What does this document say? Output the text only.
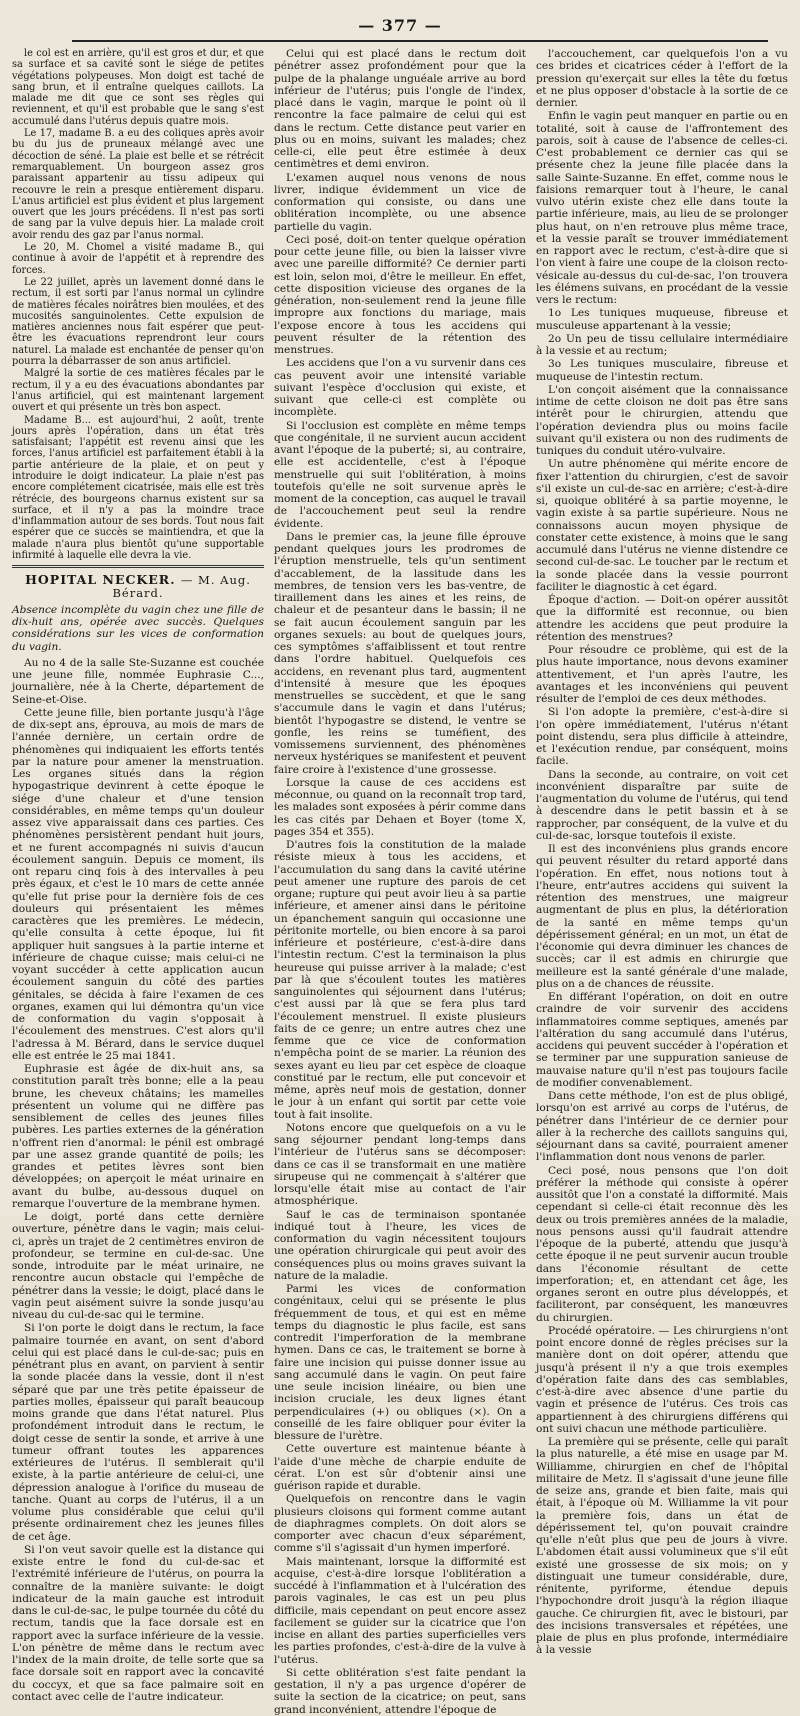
— 377 —

le col est en arrière, qu'il est gros et dur, et que sa surface et sa cavité sont le siége de petites végétations polypeuses. Mon doigt est taché de sang brun, et il entraîne quelques caillots. La malade me dit que ce sont ses règles qui reviennent, et qu'il est probable que le sang s'est accumulé dans l'utérus depuis quatre mois.

Le 17, madame B. a eu des coliques après avoir bu du jus de pruneaux mélangé avec une décoction de séné. La plaie est belle et se rétrécit remarquablement. Un bourgeon assez gros paraissant appartenir au tissu adipeux qui recouvre le rein a presque entièrement disparu. L'anus artificiel est plus évident et plus largement ouvert que les jours précédens. Il n'est pas sorti de sang par la vulve depuis hier. La malade croit avoir rendu des gaz par l'anus normal.

Le 20, M. Chomel a visité madame B., qui continue à avoir de l'appétit et à reprendre des forces.

Le 22 juillet, après un lavement donné dans le rectum, il est sorti par l'anus normal un cylindre de matières fécales noirâtres bien moulées, et des mucosités sanguinolentes. Cette expulsion de matières anciennes nous fait espérer que peut-être les évacuations reprendront leur cours naturel. La malade est enchantée de penser qu'on pourra la débarrasser de son anus artificiel.

Malgré la sortie de ces matières fécales par le rectum, il y a eu des évacuations abondantes par l'anus artificiel, qui est maintenant largement ouvert et qui présente un très bon aspect.

Madame B... est aujourd'hui, 2 août, trente jours après l'opération, dans un état très satisfaisant; l'appétit est revenu ainsi que les forces, l'anus artificiel est parfaitement établi à la partie antérieure de la plaie, et on peut y introduire le doigt indicateur. La plaie n'est pas encore complétement cicatrisée, mais elle est très rétrécie, des bourgeons charnus existent sur sa surface, et il n'y a pas la moindre trace d'inflammation autour de ses bords. Tout nous fait espérer que ce succès se maintiendra, et que la malade n'aura plus bientôt qu'une supportable infirmité à laquelle elle devra la vie.

HOPITAL NECKER. — M. Aug. Bérard.

Absence incomplète du vagin chez une fille de dix-huit ans, opérée avec succès. Quelques considérations sur les vices de conformation du vagin.

Au no 4 de la salle Ste-Suzanne est couchée une jeune fille, nommée Euphrasie C..., journalière, née à la Cherte, département de Seine-et-Oise.

Cette jeune fille, bien portante jusqu'à l'âge de dix-sept ans, éprouva, au mois de mars de l'année dernière, un certain ordre de phénomènes qui indiquaient les efforts tentés par la nature pour amener la menstruation. Les organes situés dans la région hypogastrique devinrent à cette époque le siége d'une chaleur et d'une tension considérables, en même temps qu'un douleur assez vive apparaissait dans ces parties. Ces phénomènes persistèrent pendant huit jours, et ne furent accompagnés ni suivis d'aucun écoulement sanguin. Depuis ce moment, ils ont reparu cinq fois à des intervalles à peu près égaux, et c'est le 10 mars de cette année qu'elle fut prise pour la dernière fois de ces douleurs qui présentaient les mêmes caractères que les premières. Le médecin, qu'elle consulta à cette époque, lui fit appliquer huit sangsues à la partie interne et inférieure de chaque cuisse; mais celui-ci ne voyant succéder à cette application aucun écoulement sanguin du côté des parties génitales, se décida à faire l'examen de ces organes, examen qui lui démontra qu'un vice de conformation du vagin s'opposait à l'écoulement des menstrues. C'est alors qu'il l'adressa à M. Bérard, dans le service duquel elle est entrée le 25 mai 1841.

Euphrasie est âgée de dix-huit ans, sa constitution paraît très bonne; elle a la peau brune, les cheveux châtains; les mamelles présentent un volume qui ne diffère pas sensiblement de celles des jeunes filles pubères. Les parties externes de la génération n'offrent rien d'anormal: le pénil est ombragé par une assez grande quantité de poils; les grandes et petites lèvres sont bien développées; on aperçoit le méat urinaire en avant du bulbe, au-dessous duquel on remarque l'ouverture de la membrane hymen.

Le doigt, porté dans cette dernière ouverture, pénètre dans le vagin; mais celui-ci, après un trajet de 2 centimètres environ de profondeur, se termine en cul-de-sac. Une sonde, introduite par le méat urinaire, ne rencontre aucun obstacle qui l'empêche de pénétrer dans la vessie; le doigt, placé dans le vagin peut aisément suivre la sonde jusqu'au niveau du cul-de-sac qui le termine.

Si l'on porte le doigt dans le rectum, la face palmaire tournée en avant, on sent d'abord celui qui est placé dans le cul-de-sac; puis en pénétrant plus en avant, on parvient à sentir la sonde placée dans la vessie, dont il n'est séparé que par une très petite épaisseur de parties molles, épaisseur qui paraît beaucoup moins grande que dans l'état naturel. Plus profondément introduit dans le rectum, le doigt cesse de sentir la sonde, et arrive à une tumeur offrant toutes les apparences extérieures de l'utérus. Il semblerait qu'il existe, à la partie antérieure de celui-ci, une dépression analogue à l'orifice du museau de tanche. Quant au corps de l'utérus, il a un volume plus considérable que celui qu'il présente ordinairement chez les jeunes filles de cet âge.

Si l'on veut savoir quelle est la distance qui existe entre le fond du cul-de-sac et l'extrémité inférieure de l'utérus, on pourra la connaître de la manière suivante: le doigt indicateur de la main gauche est introduit dans le cul-de-sac, le pulpe tournée du côté du rectum, tandis que la face dorsale est en rapport avec la surface inférieure de la vessie. L'on pénètre de même dans le rectum avec l'index de la main droite, de telle sorte que sa face dorsale soit en rapport avec la concavité du coccyx, et que sa face palmaire soit en contact avec celle de l'autre indicateur.

Celui qui est placé dans le rectum doit pénétrer assez profondément pour que la pulpe de la phalange unguéale arrive au bord inférieur de l'utérus; puis l'ongle de l'index, placé dans le vagin, marque le point où il rencontre la face palmaire de celui qui est dans le rectum. Cette distance peut varier en plus ou en moins, suivant les malades; chez celle-ci, elle peut être estimée à deux centimètres et demi environ.

L'examen auquel nous venons de nous livrer, indique évidemment un vice de conformation qui consiste, ou dans une oblitération incomplète, ou une absence partielle du vagin.

Ceci posé, doit-on tenter quelque opération pour cette jeune fille, ou bien la laisser vivre avec une pareille difformité? Ce dernier parti est loin, selon moi, d'être le meilleur. En effet, cette disposition vicieuse des organes de la génération, non-seulement rend la jeune fille impropre aux fonctions du mariage, mais l'expose encore à tous les accidens qui peuvent résulter de la rétention des menstrues.

Les accidens que l'on a vu survenir dans ces cas peuvent avoir une intensité variable suivant l'espèce d'occlusion qui existe, et suivant que celle-ci est complète ou incomplète.

Si l'occlusion est complète en même temps que congénitale, il ne survient aucun accident avant l'époque de la puberté; si, au contraire, elle est accidentelle, c'est à l'époque menstruelle qui suit l'oblitération, à moins toutefois qu'elle ne soit survenue après le moment de la conception, cas auquel le travail de l'accouchement peut seul la rendre évidente.

Dans le premier cas, la jeune fille éprouve pendant quelques jours les prodromes de l'éruption menstruelle, tels qu'un sentiment d'accablement, de la lassitude dans les membres, de tension vers les bas-ventre, de tiraillement dans les aines et les reins, de chaleur et de pesanteur dans le bassin; il ne se fait aucun écoulement sanguin par les organes sexuels: au bout de quelques jours, ces symptômes s'affaiblissent et tout rentre dans l'ordre habituel. Quelquefois ces accidens, en revenant plus tard, augmentent d'intensité à mesure que les époques menstruelles se succèdent, et que le sang s'accumule dans le vagin et dans l'utérus; bientôt l'hypogastre se distend, le ventre se gonfle, les reins se tuméfient, des vomissemens surviennent, des phénomènes nerveux hystériques se manifestent et peuvent faire croire à l'existence d'une grossesse.

Lorsque la cause de ces accidens est méconnue, ou quand on la reconnaît trop tard, les malades sont exposées à périr comme dans les cas cités par Dehaen et Boyer (tome X, pages 354 et 355).

D'autres fois la constitution de la malade résiste mieux à tous les accidens, et l'accumulation du sang dans la cavité utérine peut amener une rupture des parois de cet organe; rupture qui peut avoir lieu à sa partie inférieure, et amener ainsi dans le péritoine un épanchement sanguin qui occasionne une péritonite mortelle, ou bien encore à sa paroi inférieure et postérieure, c'est-à-dire dans l'intestin rectum. C'est la terminaison la plus heureuse qui puisse arriver à la malade; c'est par là que s'écoulent toutes les matières sanguinolentes qui séjournent dans l'utérus; c'est aussi par là que se fera plus tard l'écoulement menstruel. Il existe plusieurs faits de ce genre; un entre autres chez une femme que ce vice de conformation n'empêcha point de se marier. La réunion des sexes ayant eu lieu par cet espèce de cloaque constitué par le rectum, elle put concevoir et même, après neuf mois de gestation, donner le jour à un enfant qui sortit par cette voie tout à fait insolite.

Notons encore que quelquefois on a vu le sang séjourner pendant long-temps dans l'intérieur de l'utérus sans se décomposer: dans ce cas il se transformait en une matière sirupeuse qui ne commençait à s'altérer que lorsqu'elle était mise au contact de l'air atmosphérique.

Sauf le cas de terminaison spontanée indiqué tout à l'heure, les vices de conformation du vagin nécessitent toujours une opération chirurgicale qui peut avoir des conséquences plus ou moins graves suivant la nature de la maladie.

Parmi les vices de conformation congénitaux, celui qui se présente le plus fréquemment de tous, et qui est en même temps du diagnostic le plus facile, est sans contredit l'imperforation de la membrane hymen. Dans ce cas, le traitement se borne à faire une incision qui puisse donner issue au sang accumulé dans le vagin. On peut faire une seule incision linéaire, ou bien une incision cruciale, les deux lignes étant perpendiculaires (+) ou obliques (×). On a conseillé de les faire obliquer pour éviter la blessure de l'urètre.

Cette ouverture est maintenue béante à l'aide d'une mèche de charpie enduite de cérat. L'on est sûr d'obtenir ainsi une guérison rapide et durable.

Quelquefois on rencontre dans le vagin plusieurs cloisons qui forment comme autant de diaphragmes complets. On doit alors se comporter avec chacun d'eux séparément, comme s'il s'agissait d'un hymen imperforé.

Mais maintenant, lorsque la difformité est acquise, c'est-à-dire lorsque l'oblitération a succédé à l'inflammation et à l'ulcération des parois vaginales, le cas est un peu plus difficile, mais cependant on peut encore assez facilement se guider sur la cicatrice que l'on incise en allant des parties superficielles vers les parties profondes, c'est-à-dire de la vulve à l'utérus.

Si cette oblitération s'est faite pendant la gestation, il n'y a pas urgence d'opérer de suite la section de la cicatrice; on peut, sans grand inconvénient, attendre l'époque de

l'accouchement, car quelquefois l'on a vu ces brides et cicatrices céder à l'effort de la pression qu'exerçait sur elles la tête du fœtus et ne plus opposer d'obstacle à la sortie de ce dernier.

Enfin le vagin peut manquer en partie ou en totalité, soit à cause de l'affrontement des parois, soit à cause de l'absence de celles-ci. C'est probablement ce dernier cas qui se présente chez la jeune fille placée dans la salle Sainte-Suzanne. En effet, comme nous le faisions remarquer tout à l'heure, le canal vulvo utérin existe chez elle dans toute la partie inférieure, mais, au lieu de se prolonger plus haut, on n'en retrouve plus même trace, et la vessie paraît se trouver immédiatement en rapport avec le rectum, c'est-à-dire que si l'on vient à faire une coupe de la cloison recto-vésicale au-dessus du cul-de-sac, l'on trouvera les élémens suivans, en procédant de la vessie vers le rectum:

1o Les tuniques muqueuse, fibreuse et musculeuse appartenant à la vessie;

2o Un peu de tissu cellulaire intermédiaire à la vessie et au rectum;

3o Les tuniques musculaire, fibreuse et muqueuse de l'intestin rectum.

L'on conçoit aisément que la connaissance intime de cette cloison ne doit pas être sans intérêt pour le chirurgien, attendu que l'opération deviendra plus ou moins facile suivant qu'il existera ou non des rudiments de tuniques du conduit utéro-vulvaire.

Un autre phénomène qui mérite encore de fixer l'attention du chirurgien, c'est de savoir s'il existe un cul-de-sac en arrière; c'est-à-dire si, quoique oblitéré à sa partie moyenne, le vagin existe à sa partie supérieure. Nous ne connaissons aucun moyen physique de constater cette existence, à moins que le sang accumulé dans l'utérus ne vienne distendre ce second cul-de-sac. Le toucher par le rectum et la sonde placée dans la vessie pourront faciliter le diagnostic à cet égard.

Époque d'action. — Doit-on opérer aussitôt que la difformité est reconnue, ou bien attendre les accidens que peut produire la rétention des menstrues?

Pour résoudre ce problème, qui est de la plus haute importance, nous devons examiner attentivement, et l'un après l'autre, les avantages et les inconvéniens qui peuvent résulter de l'emploi de ces deux méthodes.

Si l'on adopte la première, c'est-à-dire si l'on opère immédiatement, l'utérus n'étant point distendu, sera plus difficile à atteindre, et l'exécution rendue, par conséquent, moins facile.

Dans la seconde, au contraire, on voit cet inconvénient disparaître par suite de l'augmentation du volume de l'utérus, qui tend à descendre dans le petit bassin et à se rapprocher, par conséquent, de la vulve et du cul-de-sac, lorsque toutefois il existe.

Il est des inconvéniens plus grands encore qui peuvent résulter du retard apporté dans l'opération. En effet, nous notions tout à l'heure, entr'autres accidens qui suivent la rétention des menstrues, une maigreur augmentant de plus en plus, la détérioration de la santé en même temps qu'un dépérissement général; en un mot, un état de l'économie qui devra diminuer les chances de succès; car il est admis en chirurgie que meilleure est la santé générale d'une malade, plus on a de chances de réussite.

En différant l'opération, on doit en outre craindre de voir survenir des accidens inflammatoires comme septiques, amenés par l'altération du sang accumulé dans l'utérus, accidens qui peuvent succéder à l'opération et se terminer par une suppuration sanieuse de mauvaise nature qu'il n'est pas toujours facile de modifier convenablement.

Dans cette méthode, l'on est de plus obligé, lorsqu'on est arrivé au corps de l'utérus, de pénétrer dans l'intérieur de ce dernier pour aller à la recherche des caillots sanguins qui, séjournant dans sa cavité, pourraient amener l'inflammation dont nous venons de parler.

Ceci posé, nous pensons que l'on doit préférer la méthode qui consiste à opérer aussitôt que l'on a constaté la difformité. Mais cependant si celle-ci était reconnue dès les deux ou trois premières années de la maladie, nous pensons aussi qu'il faudrait attendre l'époque de la puberté, attendu que jusqu'à cette époque il ne peut survenir aucun trouble dans l'économie résultant de cette imperforation; et, en attendant cet âge, les organes seront en outre plus développés, et faciliteront, par conséquent, les manœuvres du chirurgien.

Procédé opératoire. — Les chirurgiens n'ont point encore donné de règles précises sur la manière dont on doit opérer, attendu que jusqu'à présent il n'y a que trois exemples d'opération faite dans des cas semblables, c'est-à-dire avec absence d'une partie du vagin et présence de l'utérus. Ces trois cas appartiennent à des chirurgiens différens qui ont suivi chacun une méthode particulière.

La première qui se présente, celle qui paraît la plus naturelle, a été mise en usage par M. Williamme, chirurgien en chef de l'hôpital militaire de Metz. Il s'agissait d'une jeune fille de seize ans, grande et bien faite, mais qui était, à l'époque où M. Williamme la vit pour la première fois, dans un état de dépérissement tel, qu'on pouvait craindre qu'elle n'eût plus que peu de jours à vivre. L'abdomen était aussi volumineux que s'il eût existé une grossesse de six mois; on y distinguait une tumeur considérable, dure, rénitente, pyriforme, étendue depuis l'hypochondre droit jusqu'à la région iliaque gauche. Ce chirurgien fit, avec le bistouri, par des incisions transversales et répétées, une plaie de plus en plus profonde, intermédiaire à la vessie
